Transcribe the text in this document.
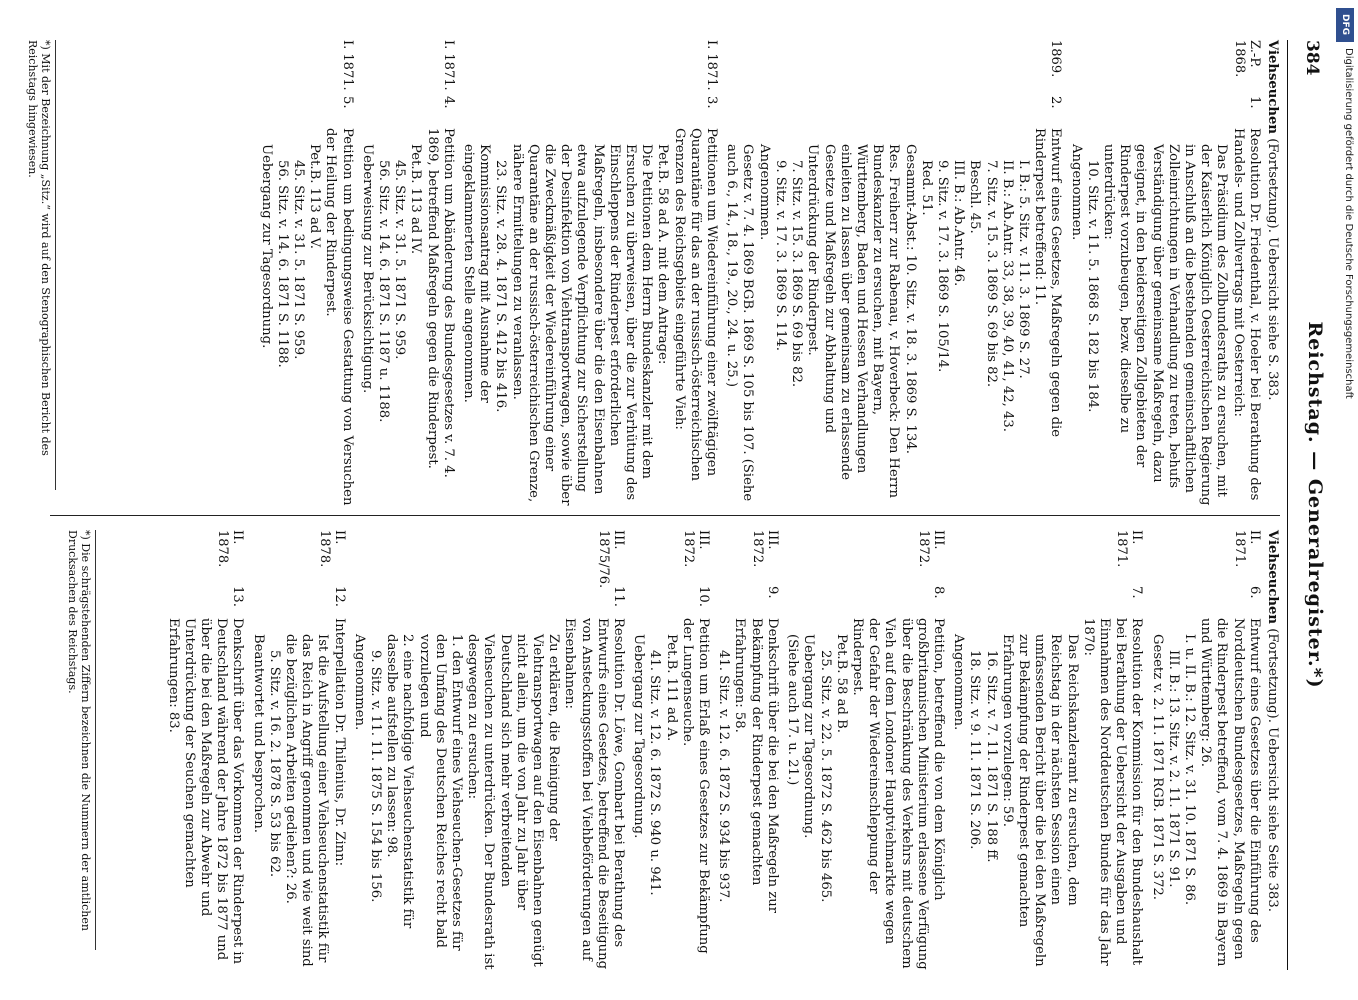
384
Reichstag. — Generalregister.*)

Viehseuchen (Fortsetzung). Uebersicht siehe S. 383.

Z.-P. 1868.
1.

Resolution Dr. Friedenthal, v. Hoeler bei Berathung des Handels- und Zollvertrags mit Oesterreich:

Das Präsidium des Zollbundesraths zu ersuchen, mit der Kaiserlich Königlich Oesterreichischen Regierung in Anschluß an die bestehenden gemeinschaftlichen Zolleinrichtungen in Verhandlung zu treten, behufs Verständigung über gemeinsame Maßregeln, dazu geeignet, in den beiderseitigen Zollgebieten der Rinderpest vorzubeugen, bezw. dieselbe zu unterdrücken:

10. Sitz. v. 11. 5. 1868 S. 182 bis 184.

Angenommen.

1869.
2.

Entwurf eines Gesetzes, Maßregeln gegen die Rinderpest betreffend: 11.

I. B.: 5. Sitz. v. 11. 3. 1869 S. 27.

II. B.: Ab.Antr. 33, 38, 39, 40, 41, 42, 43.

7. Sitz. v. 15. 3. 1869 S. 69 bis 82.

Beschl. 45.

III. B.: Ab.Antr. 46.

9. Sitz. v. 17. 3. 1869 S. 105/14.

Red. 51.

Gesammt-Abst.: 10. Sitz. v. 18. 3. 1869 S. 134.

Res. Freiherr zur Rabenau, v. Hoverbeck: Den Herrn Bundeskanzler zu ersuchen, mit Bayern, Württemberg, Baden und Hessen Verhandlungen einleiten zu lassen über gemeinsam zu erlassende Gesetze und Maßregeln zur Abhaltung und Unterdrückung der Rinderpest.

7. Sitz. v. 15. 3. 1869 S. 69 bis 82.

9. Sitz. v. 17. 3. 1869 S. 114.

Angenommen.

Gesetz v. 7. 4. 1869 BGB. 1869 S. 105 bis 107. (Siehe auch 6., 14., 18., 19., 20., 24. u. 25.)

I. 1871.
3.

Petitionen um Wiedereinführung einer zwölftägigen Quarantäne für das an der russisch-österreichischen Grenzen des Reichsgebiets eingeführte Vieh:

Pet.B. 58 ad A. mit dem Antrage:

Die Petitionen dem Herrn Bundeskanzler mit dem Ersuchen zu überweisen, über die zur Verhütung des Einschleppens der Rinderpest erforderlichen Maßregeln, insbesondere über die den Eisenbahnen etwa aufzulegende Verpflichtung zur Sicherstellung der Desinfektion von Viehtransportwagen, sowie über die Zweckmäßigkeit der Wiedereinführung einer Quarantäne an der russisch-österreichischen Grenze, nähere Ermittelungen zu veranlassen.

23. Sitz. v. 28. 4. 1871 S. 412 bis 416.

Kommissionsantrag mit Ausnahme der eingeklammerten Stelle angenommen.

I. 1871.
4.

Petition um Abänderung des Bundesgesetzes v. 7. 4. 1869, betreffend Maßregeln gegen die Rinderpest.

Pet.B. 113 ad IV.

45. Sitz. v. 31. 5. 1871 S. 959.

56. Sitz. v. 14. 6. 1871 S. 1187 u. 1188.

Ueberweisung zur Berücksichtigung.

I. 1871.
5.

Petition um bedingungsweise Gestattung von Versuchen der Heilung der Rinderpest.

Pet.B. 113 ad V.

45. Sitz. v. 31. 5. 1871 S. 959.

56. Sitz. v. 14. 6. 1871 S. 1188.

Uebergang zur Tagesordnung.

Viehseuchen (Fortsetzung). Uebersicht siehe Seite 383.

II. 1871.
6.

Entwurf eines Gesetzes über die Einführung des Norddeutschen Bundesgesetzes, Maßregeln gegen die Rinderpest betreffend, vom 7. 4. 1869 in Bayern und Württemberg: 26.

I. u. II. B.: 12. Sitz. v. 31. 10. 1871 S. 86.

III. B.: 13. Sitz. v. 2. 11. 1871 S. 91.

Gesetz v. 2. 11. 1871 RGB. 1871 S. 372.

II. 1871.
7.

Resolution der Kommission für den Bundeshaushalt bei Berathung der Uebersicht der Ausgaben und Einnahmen des Norddeutschen Bundes für das Jahr 1870:

Das Reichskanzleramt zu ersuchen, dem Reichstag in der nächsten Session einen umfassenden Bericht über die bei den Maßregeln zur Bekämpfung der Rinderpest gemachten Erfahrungen vorzulegen: 59.

16. Sitz. v. 7. 11. 1871 S. 188 ff.

18. Sitz. v. 9. 11. 1871 S. 206.

Angenommen.

III. 1872.
8.

Petition, betreffend die von dem Königlich großbritannischen Ministerium erlassene Verfügung über die Beschränkung des Verkehrs mit deutschem Vieh auf dem Londoner Hauptviehmarkte wegen der Gefahr der Wiedereinschleppung der Rinderpest.

Pet.B. 58 ad B.

25. Sitz. v. 22. 5. 1872 S. 462 bis 465.

Uebergang zur Tagesordnung.

(Siehe auch 17. u. 21.)

III. 1872.
9.

Denkschrift über die bei den Maßregeln zur Bekämpfung der Rinderpest gemachten Erfahrungen: 58.

41. Sitz. v. 12. 6. 1872 S. 934 bis 937.

III. 1872.
10.

Petition um Erlaß eines Gesetzes zur Bekämpfung der Lungenseuche.

Pet.B. 111 ad A.

41. Sitz. v. 12. 6. 1872 S. 940 u. 941.

Uebergang zur Tagesordnung.

III. 1875/76.
11.

Resolution Dr. Löwe, Gombart bei Berathung des Entwurfs eines Gesetzes, betreffend die Beseitigung von Ansteckungsstoffen bei Viehbeförderungen auf Eisenbahnen:

Zu erklären, die Reinigung der Viehtransportwagen auf den Eisenbahnen genügt nicht allein, um die von Jahr zu Jahr über Deutschland sich mehr verbreitenden Viehseuchen zu unterdrücken. Der Bundesrath ist desgwegen zu ersuchen:

1. den Entwurf eines Viehseuchen-Gesetzes für den Umfang des Deutschen Reiches recht bald vorzulegen und

2. eine nachfolgige Viehseuchenstatistik für dasselbe aufstellen zu lassen: 98.

9. Sitz. v. 11. 11. 1875 S. 154 bis 156.

Angenommen.

II. 1878.
12.

Interpellation Dr. Thilenius, Dr. Zinn:

Ist die Aufstellung einer Viehseuchenstatistik für das Reich in Angriff genommen und wie weit sind die bezüglichen Arbeiten gediehen?: 26.

5. Sitz. v. 16. 2. 1878 S. 53 bis 62.

Beantwortet und besprochen.

II. 1878.
13.

Denkschrift über das Vorkommen der Rinderpest in Deutschland während der Jahre 1872 bis 1877 und über die bei den Maßregeln zur Abwehr und Unterdrückung der Seuchen gemachten Erfahrungen: 83.

*) Mit der Bezeichnung „Sitz.“ wird auf den Stenographischen Bericht des Reichstags hingewiesen.
*) Die schrägstehenden Ziffern bezeichnen die Nummern der amtlichen Drucksachen des Reichstags.
DFG
Digitalisierung gefördert durch die Deutsche Forschungsgemeinschaft
